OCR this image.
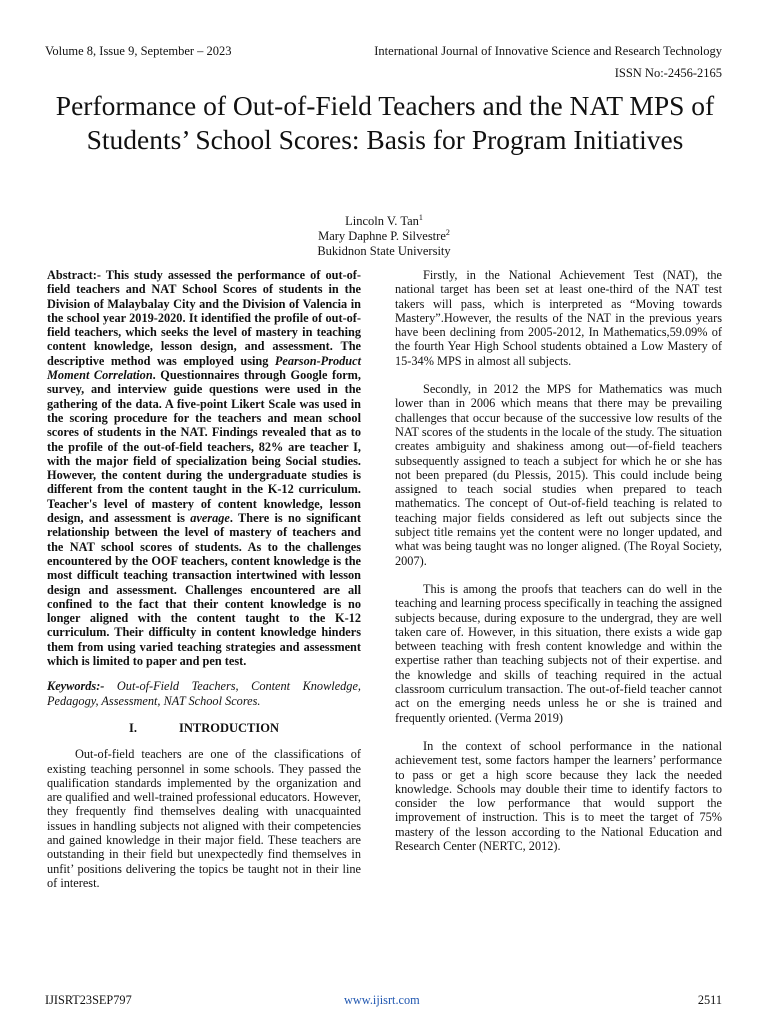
Volume 8, Issue 9, September – 2023	International Journal of Innovative Science and Research Technology
ISSN No:-2456-2165
Performance of Out-of-Field Teachers and the NAT MPS of Students’ School Scores: Basis for Program Initiatives
Lincoln V. Tan$^1$
Mary Daphne P. Silvestre$^2$
Bukidnon State University

Abstract:- This study assessed the performance of out-of-field teachers and NAT School Scores of students in the Division of Malaybalay City and the Division of Valencia in the school year 2019-2020. It identified the profile of out-of-field teachers, which seeks the level of mastery in teaching content knowledge, lesson design, and assessment. The descriptive method was employed using Pearson-Product Moment Correlation. Questionnaires through Google form, survey, and interview guide questions were used in the gathering of the data. A five-point Likert Scale was used in the scoring procedure for the teachers and mean school scores of students in the NAT. Findings revealed that as to the profile of the out-of-field teachers, 82% are teacher I, with the major field of specialization being Social studies. However, the content during the undergraduate studies is different from the content taught in the K-12 curriculum. Teacher's level of mastery of content knowledge, lesson design, and assessment is average. There is no significant relationship between the level of mastery of teachers and the NAT school scores of students. As to the challenges encountered by the OOF teachers, content knowledge is the most difficult teaching transaction intertwined with lesson design and assessment. Challenges encountered are all confined to the fact that their content knowledge is no longer aligned with the content taught to the K-12 curriculum. Their difficulty in content knowledge hinders them from using varied teaching strategies and assessment which is limited to paper and pen test.

Keywords:- Out-of-Field Teachers, Content Knowledge, Pedagogy, Assessment, NAT School Scores.

I.	INTRODUCTION

Out-of-field teachers are one of the classifications of existing teaching personnel in some schools. They passed the qualification standards implemented by the organization and are qualified and well-trained professional educators. However, they frequently find themselves dealing with unacquainted issues in handling subjects not aligned with their competencies and gained knowledge in their major field. These teachers are outstanding in their field but unexpectedly find themselves in unfit’ positions delivering the topics be taught not in their line of interest.

Firstly, in the National Achievement Test (NAT), the national target has been set at least one-third of the NAT test takers will pass, which is interpreted as “Moving towards Mastery”.However, the results of the NAT in the previous years have been declining from 2005-2012, In Mathematics,59.09% of the fourth Year High School students obtained a Low Mastery of 15-34% MPS in almost all subjects.

Secondly, in 2012 the MPS for Mathematics was much lower than in 2006 which means that there may be prevailing challenges that occur because of the successive low results of the NAT scores of the students in the locale of the study. The situation creates ambiguity and shakiness among out—of-field teachers subsequently assigned to teach a subject for which he or she has not been prepared (du Plessis, 2015). This could include being assigned to teach social studies when prepared to teach mathematics. The concept of Out-of-field teaching is related to teaching major fields considered as left out subjects since the subject title remains yet the content were no longer updated, and what was being taught was no longer aligned. (The Royal Society, 2007).

This is among the proofs that teachers can do well in the teaching and learning process specifically in teaching the assigned subjects because, during exposure to the undergrad, they are well taken care of. However, in this situation, there exists a wide gap between teaching with fresh content knowledge and within the expertise rather than teaching subjects not of their expertise. and the knowledge and skills of teaching required in the actual classroom curriculum transaction. The out-of-field teacher cannot act on the emerging needs unless he or she is trained and frequently oriented. (Verma 2019)

In the context of school performance in the national achievement test, some factors hamper the learners’ performance to pass or get a high score because they lack the needed knowledge. Schools may double their time to identify factors to consider the low performance that would support the improvement of instruction. This is to meet the target of 75% mastery of the lesson according to the National Education and Research Center (NERTC, 2012).

IJISRT23SEP797	www.ijisrt.com	2511
